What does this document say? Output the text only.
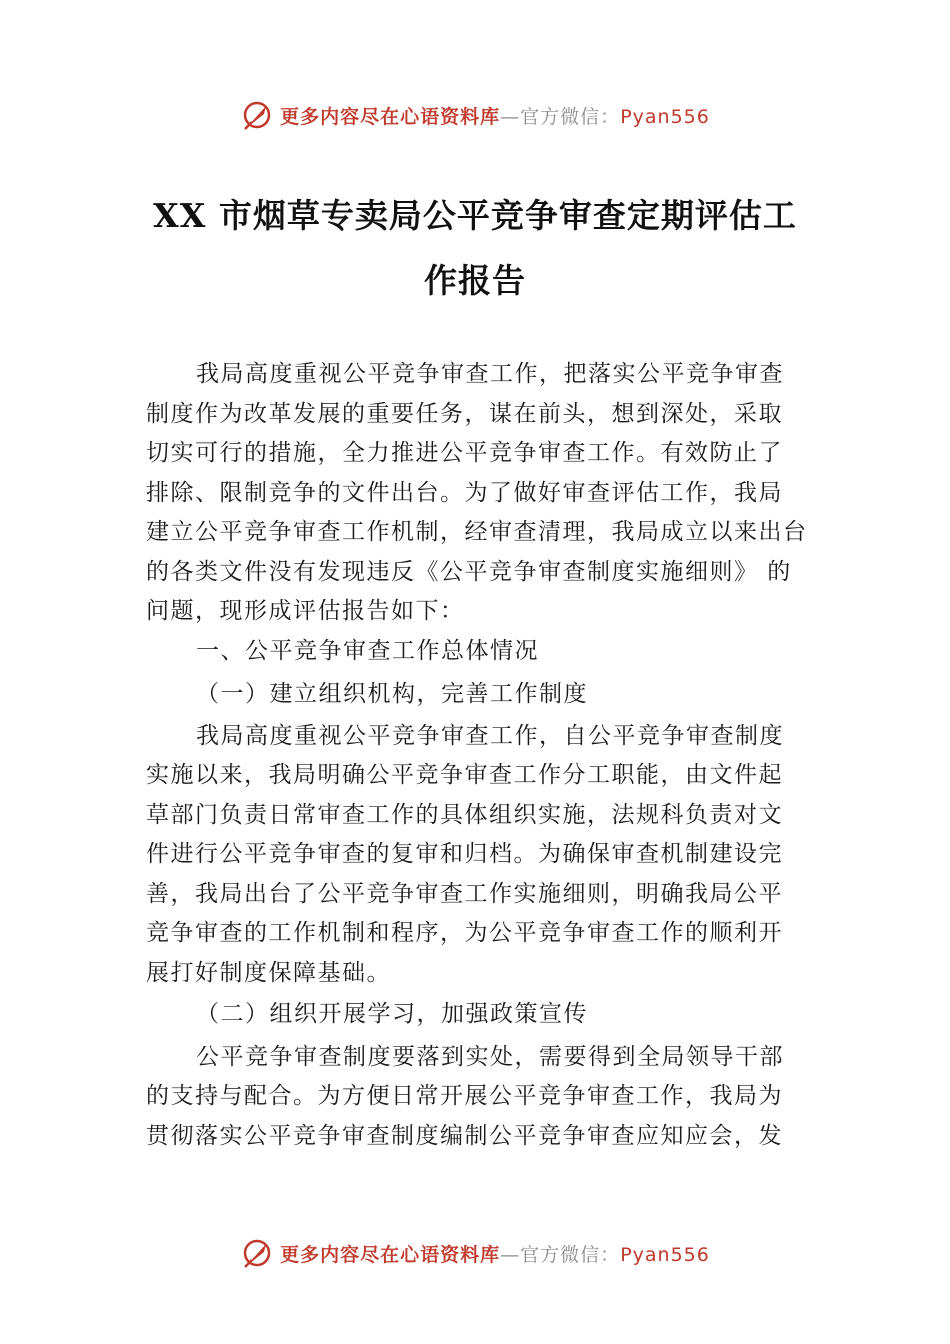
更多内容尽在心语资料库—官方微信：Pyan556
XX 市烟草专卖局公平竞争审查定期评估工
作报告
我局高度重视公平竞争审查工作，把落实公平竞争审查
制度作为改革发展的重要任务，谋在前头，想到深处，采取
切实可行的措施，全力推进公平竞争审查工作。有效防止了
排除、限制竞争的文件出台。为了做好审查评估工作，我局
建立公平竞争审查工作机制，经审查清理，我局成立以来出台
的各类文件没有发现违反《公平竞争审查制度实施细则》 的
问题，现形成评估报告如下：
一、公平竞争审查工作总体情况
（一）建立组织机构，完善工作制度
我局高度重视公平竞争审查工作，自公平竞争审查制度
实施以来，我局明确公平竞争审查工作分工职能，由文件起
草部门负责日常审查工作的具体组织实施，法规科负责对文
件进行公平竞争审查的复审和归档。为确保审查机制建设完
善，我局出台了公平竞争审查工作实施细则，明确我局公平
竞争审查的工作机制和程序，为公平竞争审查工作的顺利开
展打好制度保障基础。
（二）组织开展学习，加强政策宣传
公平竞争审查制度要落到实处，需要得到全局领导干部
的支持与配合。为方便日常开展公平竞争审查工作，我局为
贯彻落实公平竞争审查制度编制公平竞争审查应知应会，发
更多内容尽在心语资料库—官方微信：Pyan556
